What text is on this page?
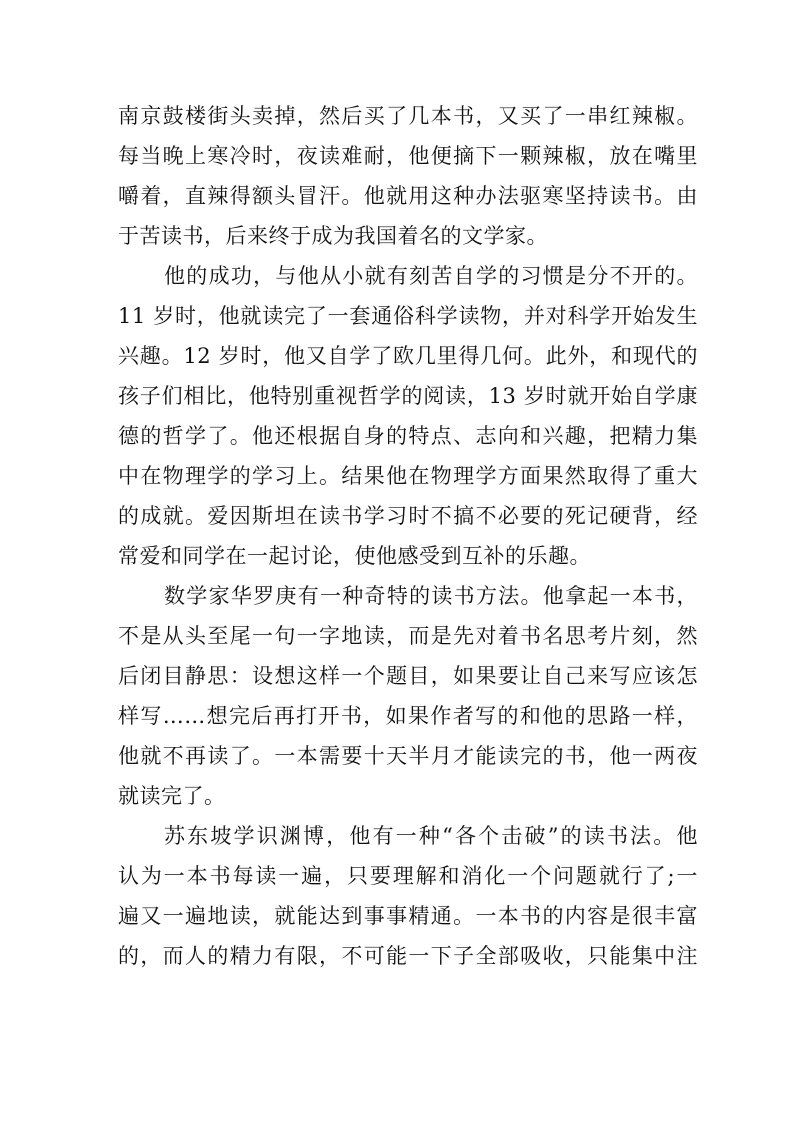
南京鼓楼街头卖掉，然后买了几本书，又买了一串红辣椒。
每当晚上寒冷时，夜读难耐，他便摘下一颗辣椒，放在嘴里
嚼着，直辣得额头冒汗。他就用这种办法驱寒坚持读书。由
于苦读书，后来终于成为我国着名的文学家。
他的成功，与他从小就有刻苦自学的习惯是分不开的。
11 岁时，他就读完了一套通俗科学读物，并对科学开始发生
兴趣。12 岁时，他又自学了欧几里得几何。此外，和现代的
孩子们相比，他特别重视哲学的阅读，13 岁时就开始自学康
德的哲学了。他还根据自身的特点、志向和兴趣，把精力集
中在物理学的学习上。结果他在物理学方面果然取得了重大
的成就。爱因斯坦在读书学习时不搞不必要的死记硬背，经
常爱和同学在一起讨论，使他感受到互补的乐趣。
数学家华罗庚有一种奇特的读书方法。他拿起一本书，
不是从头至尾一句一字地读，而是先对着书名思考片刻，然
后闭目静思：设想这样一个题目，如果要让自己来写应该怎
样写……想完后再打开书，如果作者写的和他的思路一样，
他就不再读了。一本需要十天半月才能读完的书，他一两夜
就读完了。
苏东坡学识渊博，他有一种“各个击破”的读书法。他
认为一本书每读一遍，只要理解和消化一个问题就行了;一
遍又一遍地读，就能达到事事精通。一本书的内容是很丰富
的，而人的精力有限，不可能一下子全部吸收，只能集中注
